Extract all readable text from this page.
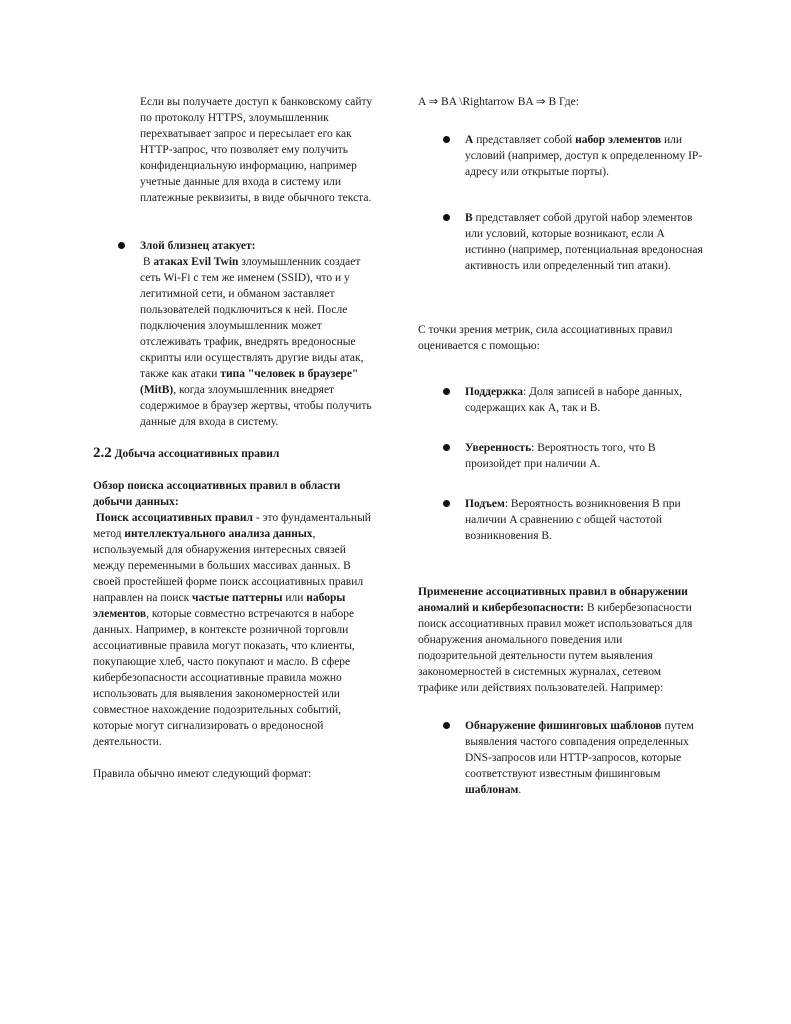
Если вы получаете доступ к банковскому сайту по протоколу HTTPS, злоумышленник перехватывает запрос и пересылает его как HTTP-запрос, что позволяет ему получить конфиденциальную информацию, например учетные данные для входа в систему или платежные реквизиты, в виде обычного текста.

Злой близнец атакует:

В атаках Evil Twin злоумышленник создает сеть Wi-Fi с тем же именем (SSID), что и у легитимной сети, и обманом заставляет пользователей подключиться к ней. После подключения злоумышленник может отслеживать трафик, внедрять вредоносные скрипты или осуществлять другие виды атак, также как атаки типа "человек в браузере" (MitB), когда злоумышленник внедряет содержимое в браузер жертвы, чтобы получить данные для входа в систему.

2.2 Добыча ассоциативных правил

Обзор поиска ассоциативных правил в области добычи данных:

Поиск ассоциативных правил - это фундаментальный метод интеллектуального анализа данных, используемый для обнаружения интересных связей между переменными в больших массивах данных. В своей простейшей форме поиск ассоциативных правил направлен на поиск частые паттерны или наборы элементов, которые совместно встречаются в наборе данных. Например, в контексте розничной торговли ассоциативные правила могут показать, что клиенты, покупающие хлеб, часто покупают и масло. В сфере кибербезопасности ассоциативные правила можно использовать для выявления закономерностей или совместное нахождение подозрительных событий, которые могут сигнализировать о вредоносной деятельности.

Правила обычно имеют следующий формат:

A ⇒ BA \Rightarrow BA ⇒ B Где:

A представляет собой набор элементов или условий (например, доступ к определенному IP-адресу или открытые порты).

B представляет собой другой набор элементов или условий, которые возникают, если A истинно (например, потенциальная вредоносная активность или определенный тип атаки).

С точки зрения метрик, сила ассоциативных правил оценивается с помощью:

Поддержка: Доля записей в наборе данных, содержащих как A, так и B.

Уверенность: Вероятность того, что B произойдет при наличии A.

Подъем: Вероятность возникновения B при наличии A сравнению с общей частотой возникновения B.

Применение ассоциативных правил в обнаружении аномалий и кибербезопасности: В кибербезопасности поиск ассоциативных правил может использоваться для обнаружения аномального поведения или подозрительной деятельности путем выявления закономерностей в системных журналах, сетевом трафике или действиях пользователей. Например:

Обнаружение фишинговых шаблонов путем выявления частого совпадения определенных DNS-запросов или HTTP-запросов, которые соответствуют известным фишинговым шаблонам.
